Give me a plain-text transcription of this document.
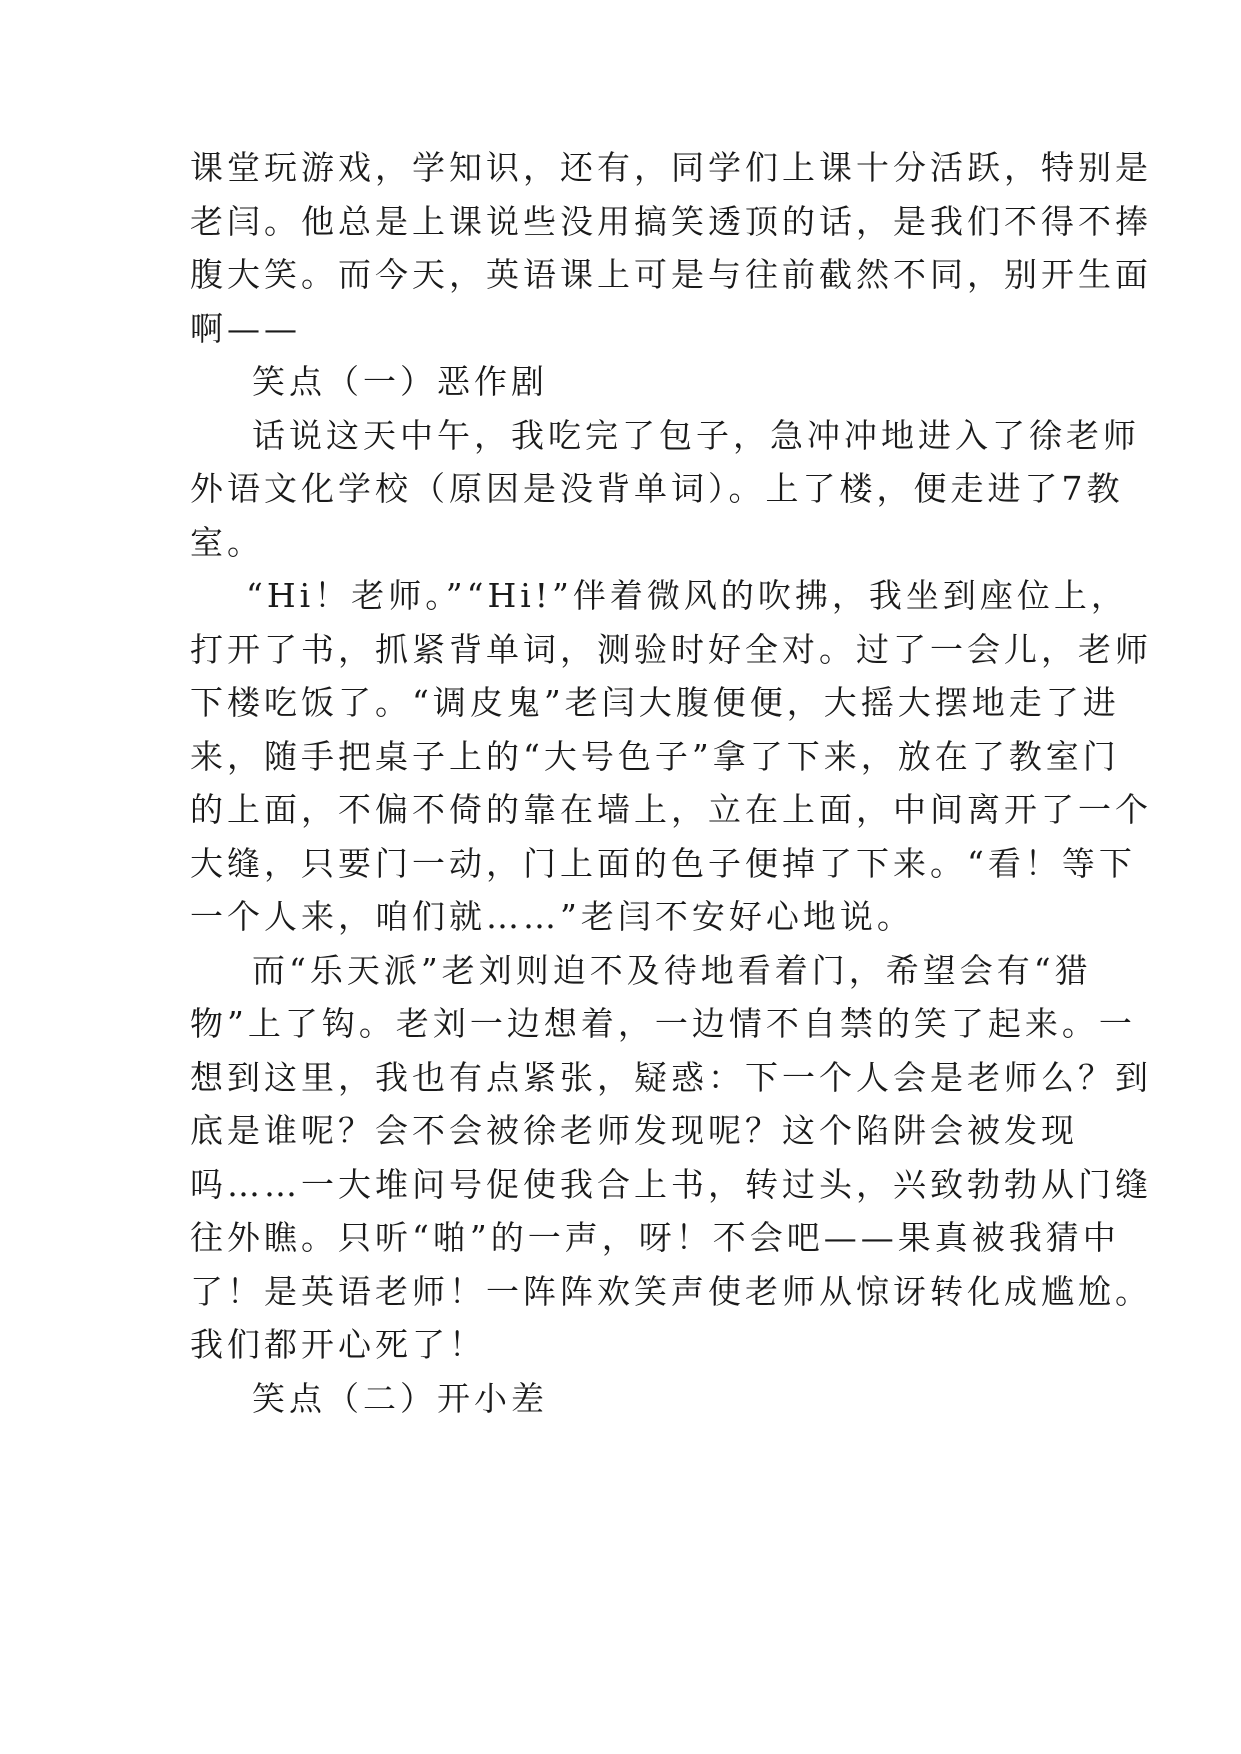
课堂玩游戏，学知识，还有，同学们上课十分活跃，特别是
老闫。他总是上课说些没用搞笑透顶的话，是我们不得不捧
腹大笑。而今天，英语课上可是与往前截然不同，别开生面
啊——
笑点（一）恶作剧
话说这天中午，我吃完了包子，急冲冲地进入了徐老师
外语文化学校（原因是没背单词）。上了楼，便走进了7教
室。
“Hi！老师。”“Hi!”伴着微风的吹拂，我坐到座位上，
打开了书，抓紧背单词，测验时好全对。过了一会儿，老师
下楼吃饭了。“调皮鬼”老闫大腹便便，大摇大摆地走了进
来，随手把桌子上的“大号色子”拿了下来，放在了教室门
的上面，不偏不倚的靠在墙上，立在上面，中间离开了一个
大缝，只要门一动，门上面的色子便掉了下来。“看！等下
一个人来，咱们就……”老闫不安好心地说。
而“乐天派”老刘则迫不及待地看着门，希望会有“猎
物”上了钩。老刘一边想着，一边情不自禁的笑了起来。一
想到这里，我也有点紧张，疑惑：下一个人会是老师么？到
底是谁呢？会不会被徐老师发现呢？这个陷阱会被发现
吗……一大堆问号促使我合上书，转过头，兴致勃勃从门缝
往外瞧。只听“啪”的一声，呀！不会吧——果真被我猜中
了！是英语老师！一阵阵欢笑声使老师从惊讶转化成尴尬。
我们都开心死了！
笑点（二）开小差
